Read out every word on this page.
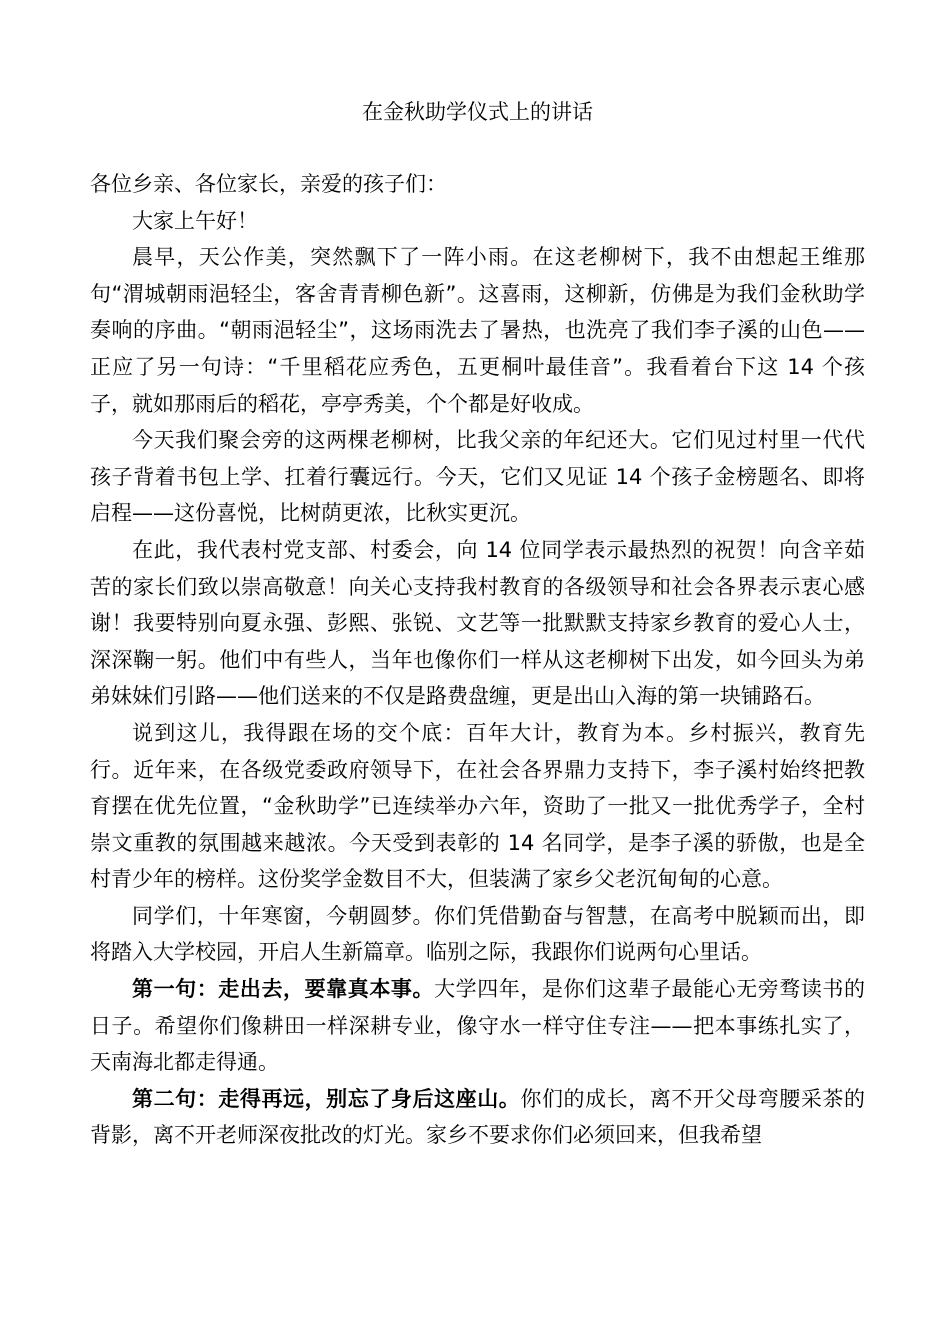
在金秋助学仪式上的讲话

各位乡亲、各位家长，亲爱的孩子们：

大家上午好！

晨早，天公作美，突然飘下了一阵小雨。在这老柳树下，我不由想起王维那句“渭城朝雨浥轻尘，客舍青青柳色新”。这喜雨，这柳新，仿佛是为我们金秋助学奏响的序曲。“朝雨浥轻尘”，这场雨洗去了暑热，也洗亮了我们李子溪的山色——正应了另一句诗：“千里稻花应秀色，五更桐叶最佳音”。我看着台下这 14 个孩子，就如那雨后的稻花，亭亭秀美，个个都是好收成。

今天我们聚会旁的这两棵老柳树，比我父亲的年纪还大。它们见过村里一代代孩子背着书包上学、扛着行囊远行。今天，它们又见证 14 个孩子金榜题名、即将启程——这份喜悦，比树荫更浓，比秋实更沉。

在此，我代表村党支部、村委会，向 14 位同学表示最热烈的祝贺！向含辛茹苦的家长们致以崇高敬意！向关心支持我村教育的各级领导和社会各界表示衷心感谢！我要特别向夏永强、彭熙、张锐、文艺等一批默默支持家乡教育的爱心人士，深深鞠一躬。他们中有些人，当年也像你们一样从这老柳树下出发，如今回头为弟弟妹妹们引路——他们送来的不仅是路费盘缠，更是出山入海的第一块铺路石。

说到这儿，我得跟在场的交个底：百年大计，教育为本。乡村振兴，教育先行。近年来，在各级党委政府领导下，在社会各界鼎力支持下，李子溪村始终把教育摆在优先位置，“金秋助学”已连续举办六年，资助了一批又一批优秀学子，全村崇文重教的氛围越来越浓。今天受到表彰的 14 名同学，是李子溪的骄傲，也是全村青少年的榜样。这份奖学金数目不大，但装满了家乡父老沉甸甸的心意。

同学们，十年寒窗，今朝圆梦。你们凭借勤奋与智慧，在高考中脱颖而出，即将踏入大学校园，开启人生新篇章。临别之际，我跟你们说两句心里话。

第一句：走出去，要靠真本事。大学四年，是你们这辈子最能心无旁骛读书的日子。希望你们像耕田一样深耕专业，像守水一样守住专注——把本事练扎实了，天南海北都走得通。

第二句：走得再远，别忘了身后这座山。你们的成长，离不开父母弯腰采茶的背影，离不开老师深夜批改的灯光。家乡不要求你们必须回来，但我希望
